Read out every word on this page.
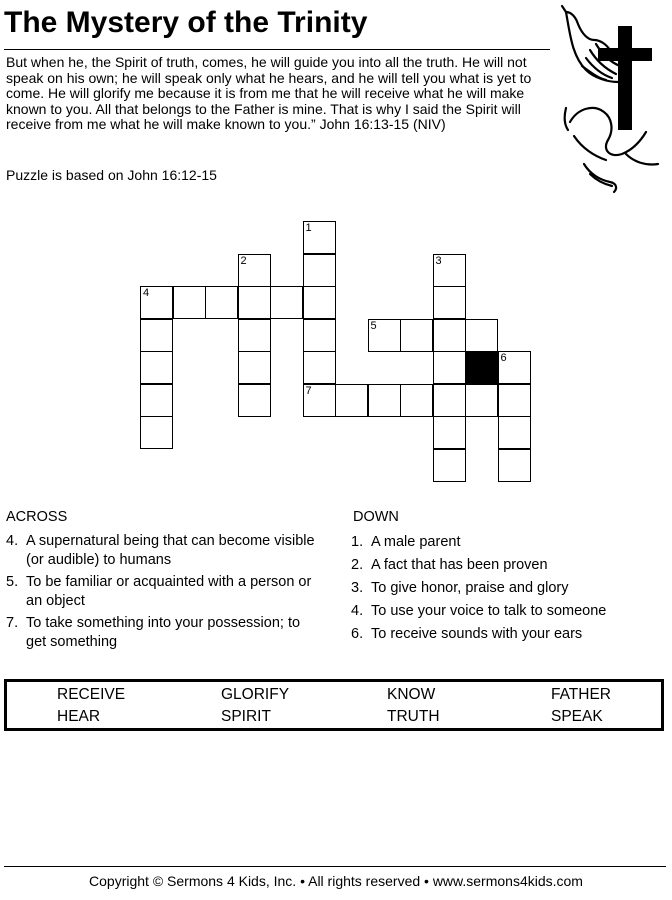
The Mystery of the Trinity
But when he, the Spirit of truth, comes, he will guide you into all the truth. He will not speak on his own; he will speak only what he hears, and he will tell you what is yet to come. He will glorify me because it is from me that he will receive what he will make known to you. All that belongs to the Father is mine. That is why I said the Spirit will receive from me what he will make known to you.” John 16:13-15 (NIV)
Puzzle is based on John 16:12-15
1
7
2	3
4
5
6
ACROSS
4. A supernatural being that can become visible (or audible) to humans
5. To be familiar or acquainted with a person or an object
7. To take something into your possession; to get something
DOWN
1. A male parent
2. A fact that has been proven
3. To give honor, praise and glory
4. To use your voice to talk to someone
6. To receive sounds with your ears
RECEIVE	GLORIFY	KNOW	FATHER
HEAR	SPIRIT	TRUTH	SPEAK
Copyright © Sermons 4 Kids, Inc. • All rights reserved • www.sermons4kids.com
